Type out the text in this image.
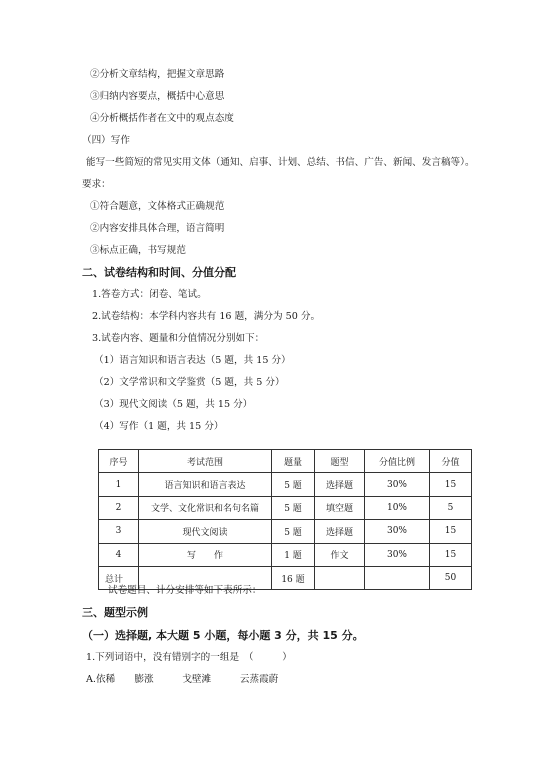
②分析文章结构，把握文章思路
③归纳内容要点，概括中心意思
④分析概括作者在文中的观点态度
（四）写作
能写一些简短的常见实用文体（通知、启事、计划、总结、书信、广告、新闻、发言稿等）。
要求：
①符合题意，文体格式正确规范
②内容安排具体合理，语言简明
③标点正确，书写规范
二、试卷结构和时间、分值分配
1.答卷方式：闭卷、笔试。
2.试卷结构：本学科内容共有 16 题，满分为 50 分。
3.试卷内容、题量和分值情况分别如下：
（1）语言知识和语言表达（5 题，共 15 分）
（2）文学常识和文学鉴赏（5 题，共 5 分）
（3）现代文阅读（5 题，共 15 分）
（4）写作（1 题，共 15 分）
序号	考试范围	题量	题型	分值比例	分值
1	语言知识和语言表达	5 题	选择题	30%	15
2	文学、文化常识和名句名篇	5 题	填空题	10%	5
3	现代文阅读	5 题	选择题	30%	15
4	写　　作	1 题	作文	30%	15
总计		16 题			50
试卷题目、计分安排等如下表所示：
三、题型示例
（一）选择题, 本大题 5 小题，每小题 3 分，共 15 分。
1.下列词语中，没有错别字的一组是　（　　　）
A.依稀　　膨涨　　　戈壁滩　　　云蒸霞蔚
